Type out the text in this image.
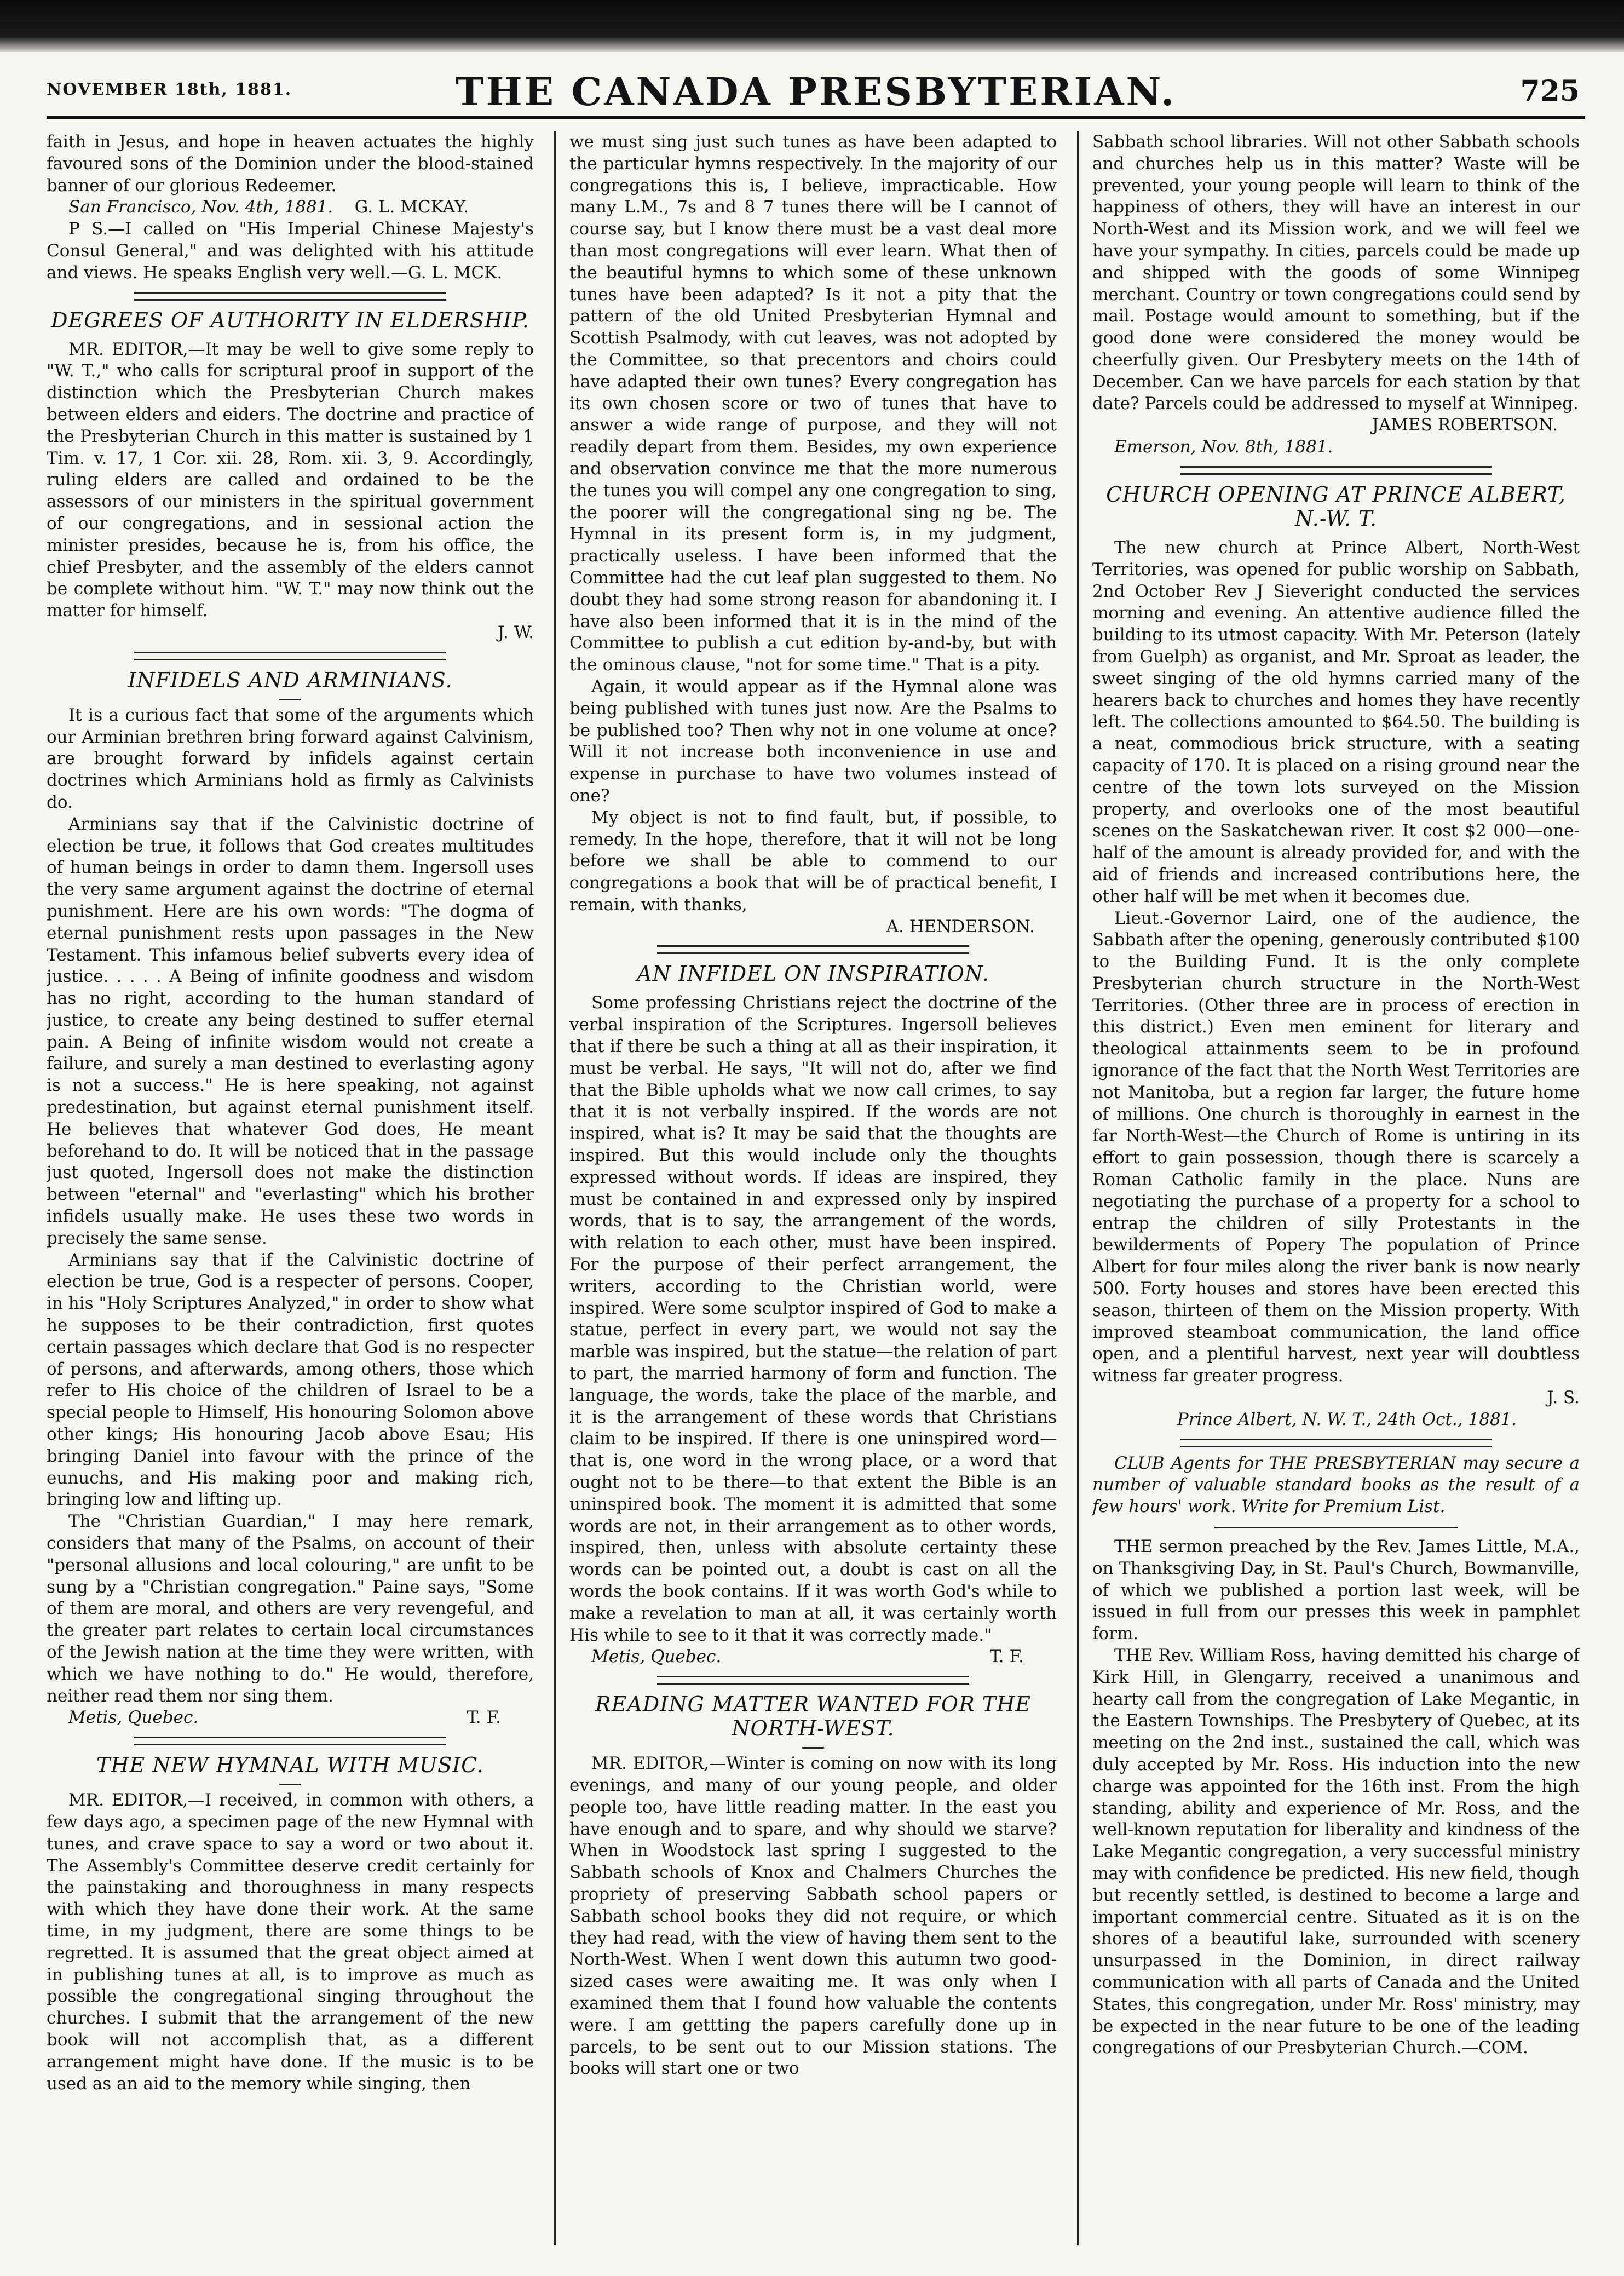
NOVEMBER 18th, 1881.	THE CANADA PRESBYTERIAN.	725

faith in Jesus, and hope in heaven actuates the highly favoured sons of the Dominion under the blood-stained banner of our glorious Redeemer.

San Francisco, Nov. 4th, 1881. G. L. MCKAY.

P S.—I called on "His Imperial Chinese Majesty's Consul General," and was delighted with his attitude and views. He speaks English very well.—G. L. MCK.

DEGREES OF AUTHORITY IN ELDERSHIP.

MR. EDITOR,—It may be well to give some reply to "W. T.," who calls for scriptural proof in support of the distinction which the Presbyterian Church makes between elders and eiders. The doctrine and practice of the Presbyterian Church in this matter is sustained by 1 Tim. v. 17, 1 Cor. xii. 28, Rom. xii. 3, 9. Accordingly, ruling elders are called and ordained to be the assessors of our ministers in the spiritual government of our congregations, and in sessional action the minister presides, because he is, from his office, the chief Presbyter, and the assembly of the elders cannot be complete without him. "W. T." may now think out the matter for himself.

J. W.

INFIDELS AND ARMINIANS.

It is a curious fact that some of the arguments which our Arminian brethren bring forward against Calvinism, are brought forward by infidels against certain doctrines which Arminians hold as firmly as Calvinists do.

Arminians say that if the Calvinistic doctrine of election be true, it follows that God creates multitudes of human beings in order to damn them. Ingersoll uses the very same argument against the doctrine of eternal punishment. Here are his own words: "The dogma of eternal punishment rests upon passages in the New Testament. This infamous belief subverts every idea of justice. . . . . A Being of infinite goodness and wisdom has no right, according to the human standard of justice, to create any being destined to suffer eternal pain. A Being of infinite wisdom would not create a failure, and surely a man destined to everlasting agony is not a success." He is here speaking, not against predestination, but against eternal punishment itself. He believes that whatever God does, He meant beforehand to do. It will be noticed that in the passage just quoted, Ingersoll does not make the distinction between "eternal" and "everlasting" which his brother infidels usually make. He uses these two words in precisely the same sense.

Arminians say that if the Calvinistic doctrine of election be true, God is a respecter of persons. Cooper, in his "Holy Scriptures Analyzed," in order to show what he supposes to be their contradiction, first quotes certain passages which declare that God is no respecter of persons, and afterwards, among others, those which refer to His choice of the children of Israel to be a special people to Himself, His honouring Solomon above other kings; His honouring Jacob above Esau; His bringing Daniel into favour with the prince of the eunuchs, and His making poor and making rich, bringing low and lifting up.

The "Christian Guardian," I may here remark, considers that many of the Psalms, on account of their "personal allusions and local colouring," are unfit to be sung by a "Christian congregation." Paine says, "Some of them are moral, and others are very revengeful, and the greater part relates to certain local circumstances of the Jewish nation at the time they were written, with which we have nothing to do." He would, therefore, neither read them nor sing them.

Metis, Quebec.	T. F.

THE NEW HYMNAL WITH MUSIC.

MR. EDITOR,—I received, in common with others, a few days ago, a specimen page of the new Hymnal with tunes, and crave space to say a word or two about it. The Assembly's Committee deserve credit certainly for the painstaking and thoroughness in many respects with which they have done their work. At the same time, in my judgment, there are some things to be regretted. It is assumed that the great object aimed at in publishing tunes at all, is to improve as much as possible the congregational singing throughout the churches. I submit that the arrangement of the new book will not accomplish that, as a different arrangement might have done. If the music is to be used as an aid to the memory while singing, then

we must sing just such tunes as have been adapted to the particular hymns respectively. In the majority of our congregations this is, I believe, impracticable. How many L.M., 7s and 8 7 tunes there will be I cannot of course say, but I know there must be a vast deal more than most congregations will ever learn. What then of the beautiful hymns to which some of these unknown tunes have been adapted? Is it not a pity that the pattern of the old United Presbyterian Hymnal and Scottish Psalmody, with cut leaves, was not adopted by the Committee, so that precentors and choirs could have adapted their own tunes? Every congregation has its own chosen score or two of tunes that have to answer a wide range of purpose, and they will not readily depart from them. Besides, my own experience and observation convince me that the more numerous the tunes you will compel any one congregation to sing, the poorer will the congregational sing ng be. The Hymnal in its present form is, in my judgment, practically useless. I have been informed that the Committee had the cut leaf plan suggested to them. No doubt they had some strong reason for abandoning it. I have also been informed that it is in the mind of the Committee to publish a cut edition by-and-by, but with the ominous clause, "not for some time." That is a pity.

Again, it would appear as if the Hymnal alone was being published with tunes just now. Are the Psalms to be published too? Then why not in one volume at once? Will it not increase both inconvenience in use and expense in purchase to have two volumes instead of one?

My object is not to find fault, but, if possible, to remedy. In the hope, therefore, that it will not be long before we shall be able to commend to our congregations a book that will be of practical benefit, I remain, with thanks,

A. HENDERSON.

AN INFIDEL ON INSPIRATION.

Some professing Christians reject the doctrine of the verbal inspiration of the Scriptures. Ingersoll believes that if there be such a thing at all as their inspiration, it must be verbal. He says, "It will not do, after we find that the Bible upholds what we now call crimes, to say that it is not verbally inspired. If the words are not inspired, what is? It may be said that the thoughts are inspired. But this would include only the thoughts expressed without words. If ideas are inspired, they must be contained in and expressed only by inspired words, that is to say, the arrangement of the words, with relation to each other, must have been inspired. For the purpose of their perfect arrangement, the writers, according to the Christian world, were inspired. Were some sculptor inspired of God to make a statue, perfect in every part, we would not say the marble was inspired, but the statue—the relation of part to part, the married harmony of form and function. The language, the words, take the place of the marble, and it is the arrangement of these words that Christians claim to be inspired. If there is one uninspired word—that is, one word in the wrong place, or a word that ought not to be there—to that extent the Bible is an uninspired book. The moment it is admitted that some words are not, in their arrangement as to other words, inspired, then, unless with absolute certainty these words can be pointed out, a doubt is cast on all the words the book contains. If it was worth God's while to make a revelation to man at all, it was certainly worth His while to see to it that it was correctly made."

Metis, Quebec.	T. F.

READING MATTER WANTED FOR THE NORTH-WEST.

MR. EDITOR,—Winter is coming on now with its long evenings, and many of our young people, and older people too, have little reading matter. In the east you have enough and to spare, and why should we starve? When in Woodstock last spring I suggested to the Sabbath schools of Knox and Chalmers Churches the propriety of preserving Sabbath school papers or Sabbath school books they did not require, or which they had read, with the view of having them sent to the North-West. When I went down this autumn two good-sized cases were awaiting me. It was only when I examined them that I found how valuable the contents were. I am gettting the papers carefully done up in parcels, to be sent out to our Mission stations. The books will start one or two

Sabbath school libraries. Will not other Sabbath schools and churches help us in this matter? Waste will be prevented, your young people will learn to think of the happiness of others, they will have an interest in our North-West and its Mission work, and we will feel we have your sympathy. In cities, parcels could be made up and shipped with the goods of some Winnipeg merchant. Country or town congregations could send by mail. Postage would amount to something, but if the good done were considered the money would be cheerfully given. Our Presbytery meets on the 14th of December. Can we have parcels for each station by that date? Parcels could be addressed to myself at Winnipeg.

JAMES ROBERTSON.

Emerson, Nov. 8th, 1881.

CHURCH OPENING AT PRINCE ALBERT, N.-W. T.

The new church at Prince Albert, North-West Territories, was opened for public worship on Sabbath, 2nd October Rev J Sieveright conducted the services morning and evening. An attentive audience filled the building to its utmost capacity. With Mr. Peterson (lately from Guelph) as organist, and Mr. Sproat as leader, the sweet singing of the old hymns carried many of the hearers back to churches and homes they have recently left. The collections amounted to $64.50. The building is a neat, commodious brick structure, with a seating capacity of 170. It is placed on a rising ground near the centre of the town lots surveyed on the Mission property, and overlooks one of the most beautiful scenes on the Saskatchewan river. It cost $2 000—one-half of the amount is already provided for, and with the aid of friends and increased contributions here, the other half will be met when it becomes due.

Lieut.-Governor Laird, one of the audience, the Sabbath after the opening, generously contributed $100 to the Building Fund. It is the only complete Presbyterian church structure in the North-West Territories. (Other three are in process of erection in this district.) Even men eminent for literary and theological attainments seem to be in profound ignorance of the fact that the North West Territories are not Manitoba, but a region far larger, the future home of millions. One church is thoroughly in earnest in the far North-West—the Church of Rome is untiring in its effort to gain possession, though there is scarcely a Roman Catholic family in the place. Nuns are negotiating the purchase of a property for a school to entrap the children of silly Protestants in the bewilderments of Popery The population of Prince Albert for four miles along the river bank is now nearly 500. Forty houses and stores have been erected this season, thirteen of them on the Mission property. With improved steamboat communication, the land office open, and a plentiful harvest, next year will doubtless witness far greater progress.

J. S.

Prince Albert, N. W. T., 24th Oct., 1881.

CLUB Agents for THE PRESBYTERIAN may secure a number of valuable standard books as the result of a few hours' work. Write for Premium List.

THE sermon preached by the Rev. James Little, M.A., on Thanksgiving Day, in St. Paul's Church, Bowmanville, of which we published a portion last week, will be issued in full from our presses this week in pamphlet form.

THE Rev. William Ross, having demitted his charge of Kirk Hill, in Glengarry, received a unanimous and hearty call from the congregation of Lake Megantic, in the Eastern Townships. The Presbytery of Quebec, at its meeting on the 2nd inst., sustained the call, which was duly accepted by Mr. Ross. His induction into the new charge was appointed for the 16th inst. From the high standing, ability and experience of Mr. Ross, and the well-known reputation for liberality and kindness of the Lake Megantic congregation, a very successful ministry may with confidence be predicted. His new field, though but recently settled, is destined to become a large and important commercial centre. Situated as it is on the shores of a beautiful lake, surrounded with scenery unsurpassed in the Dominion, in direct railway communication with all parts of Canada and the United States, this congregation, under Mr. Ross' ministry, may be expected in the near future to be one of the leading congregations of our Presbyterian Church.—COM.
